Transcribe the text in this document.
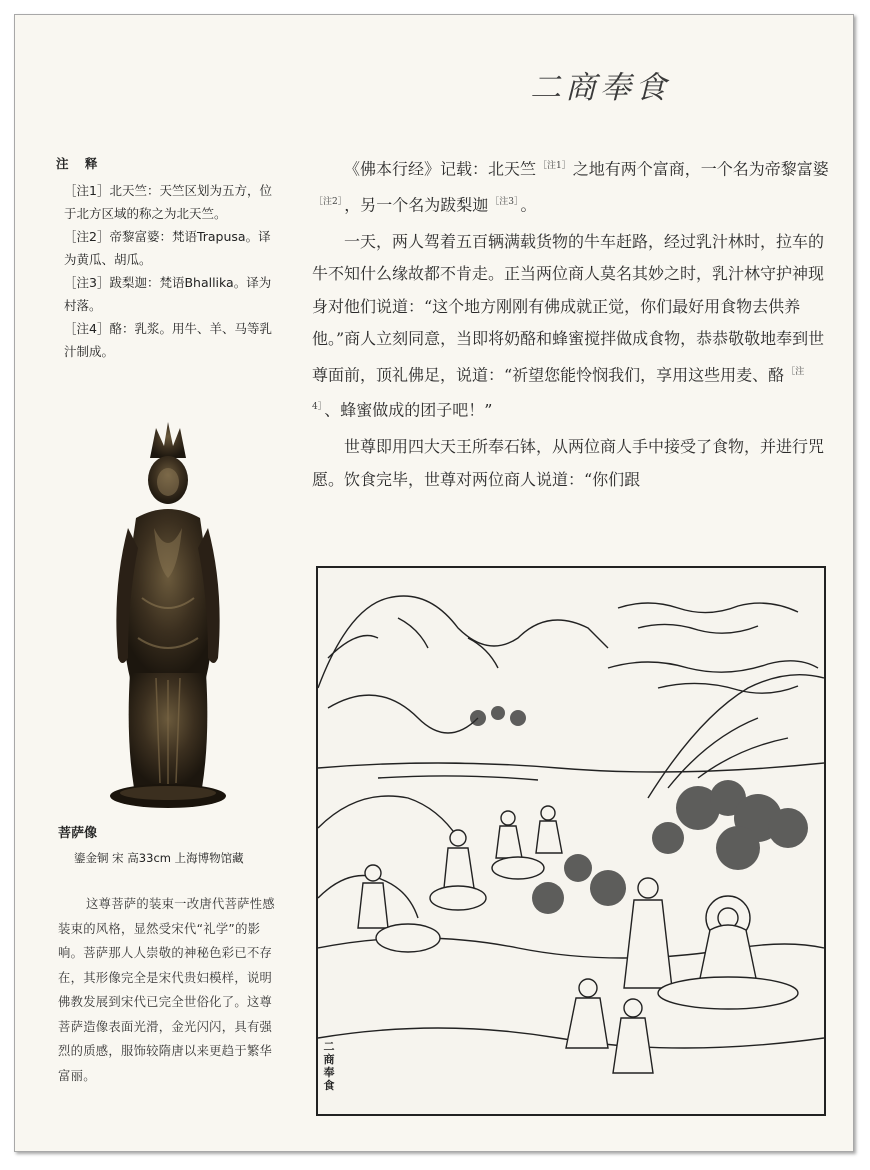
二商奉食
注 释
［注1］北天竺：天竺区划为五方，位于北方区域的称之为北天竺。
［注2］帝黎富婆：梵语Trapusa。译为黄瓜、胡瓜。
［注3］跋梨迦：梵语Bhallika。译为村落。
［注4］酪：乳浆。用牛、羊、马等乳汁制成。
菩萨像
鎏金铜 宋 高33cm 上海博物馆藏
这尊菩萨的装束一改唐代菩萨性感装束的风格，显然受宋代“礼学”的影响。菩萨那人人崇敬的神秘色彩已不存在，其形像完全是宋代贵妇模样，说明佛教发展到宋代已完全世俗化了。这尊菩萨造像表面光滑，金光闪闪，具有强烈的质感，服饰较隋唐以来更趋于繁华富丽。

《佛本行经》记载：北天竺 $^{[注1]}$ 之地有两个富商，一个名为帝黎富婆$^{[注2]}$ ，另一个名为跋梨迦 $^{[注3]}$ 。

一天，两人驾着五百辆满载货物的牛车赶路，经过乳汁林时，拉车的牛不知什么缘故都不肯走。正当两位商人莫名其妙之时，乳汁林守护神现身对他们说道：“这个地方刚刚有佛成就正觉，你们最好用食物去供养他。”商人立刻同意，当即将奶酪和蜂蜜搅拌做成食物，恭恭敬敬地奉到世尊面前，顶礼佛足，说道：“祈望您能怜悯我们，享用这些用麦、酪 $^{[注4]}$ 、蜂蜜做成的团子吧！”

世尊即用四大天王所奉石钵，从两位商人手中接受了食物，并进行咒愿。饮食完毕，世尊对两位商人说道：“你们跟

二商奉食
